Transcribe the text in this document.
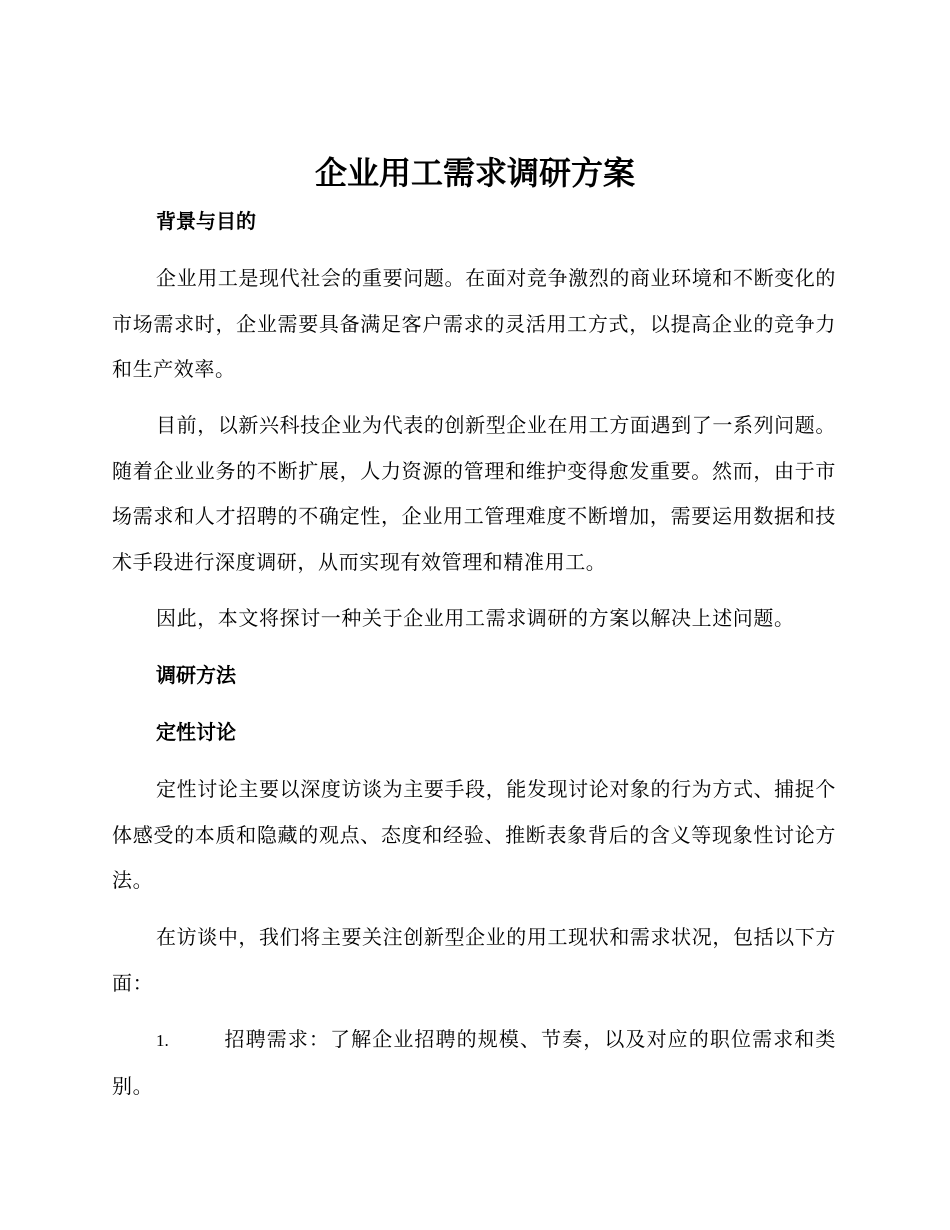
企业用工需求调研方案
背景与目的

企业用工是现代社会的重要问题。在面对竞争激烈的商业环境和不断变化的市场需求时，企业需要具备满足客户需求的灵活用工方式，以提高企业的竞争力和生产效率。

目前，以新兴科技企业为代表的创新型企业在用工方面遇到了一系列问题。随着企业业务的不断扩展，人力资源的管理和维护变得愈发重要。然而，由于市场需求和人才招聘的不确定性，企业用工管理难度不断增加，需要运用数据和技术手段进行深度调研，从而实现有效管理和精准用工。

因此，本文将探讨一种关于企业用工需求调研的方案以解决上述问题。

调研方法
定性讨论

定性讨论主要以深度访谈为主要手段，能发现讨论对象的行为方式、捕捉个体感受的本质和隐藏的观点、态度和经验、推断表象背后的含义等现象性讨论方法。

在访谈中，我们将主要关注创新型企业的用工现状和需求状况，包括以下方面：

1.	招聘需求：了解企业招聘的规模、节奏，以及对应的职位需求和类别。
